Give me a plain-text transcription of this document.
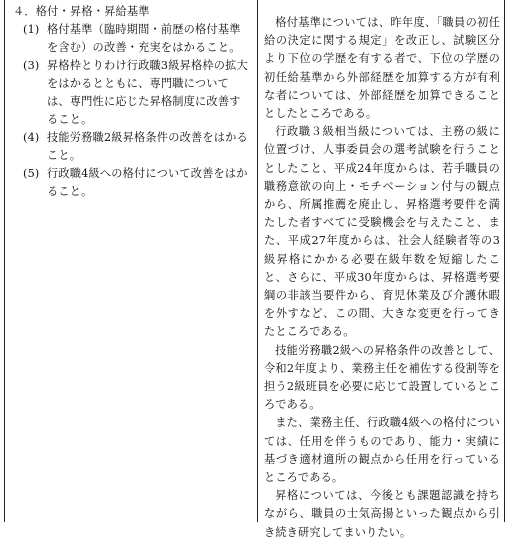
４．格付・昇格・昇給基準

(1) 格付基準（臨時期間・前歴の格付基準を含む）の改善・充実をはかること。
(3) 昇格枠とりわけ行政職3級昇格枠の拡大をはかるとともに、専門職については、専門性に応じた昇格制度に改善すること。
(4) 技能労務職2級昇格条件の改善をはかること。
(5) 行政職4級への格付について改善をはかること。

格付基準については、昨年度、「職員の初任給の決定に関する規定」を改正し、試験区分より下位の学歴を有する者で、下位の学歴の初任給基準から外部経歴を加算する方が有利な者については、外部経歴を加算できることとしたところである。

行政職３級相当級については、主務の級に位置づけ、人事委員会の選考試験を行うこととしたこと、平成24年度からは、若手職員の職務意欲の向上・モチベーション付与の観点から、所属推薦を廃止し、昇格選考要件を満たした者すべてに受験機会を与えたこと、また、平成27年度からは、社会人経験者等の3級昇格にかかる必要在級年数を短縮したこと、さらに、平成30年度からは、昇格選考要綱の非該当要件から、育児休業及び介護休暇を外すなど、この間、大きな変更を行ってきたところである。

技能労務職2級への昇格条件の改善として、令和2年度より、業務主任を補佐する役割等を担う2級班員を必要に応じて設置しているところである。

また、業務主任、行政職4級への格付については、任用を伴うものであり、能力・実績に基づき適材適所の観点から任用を行っているところである。

昇格については、今後とも課題認識を持ちながら、職員の士気高揚といった観点から引き続き研究してまいりたい。
